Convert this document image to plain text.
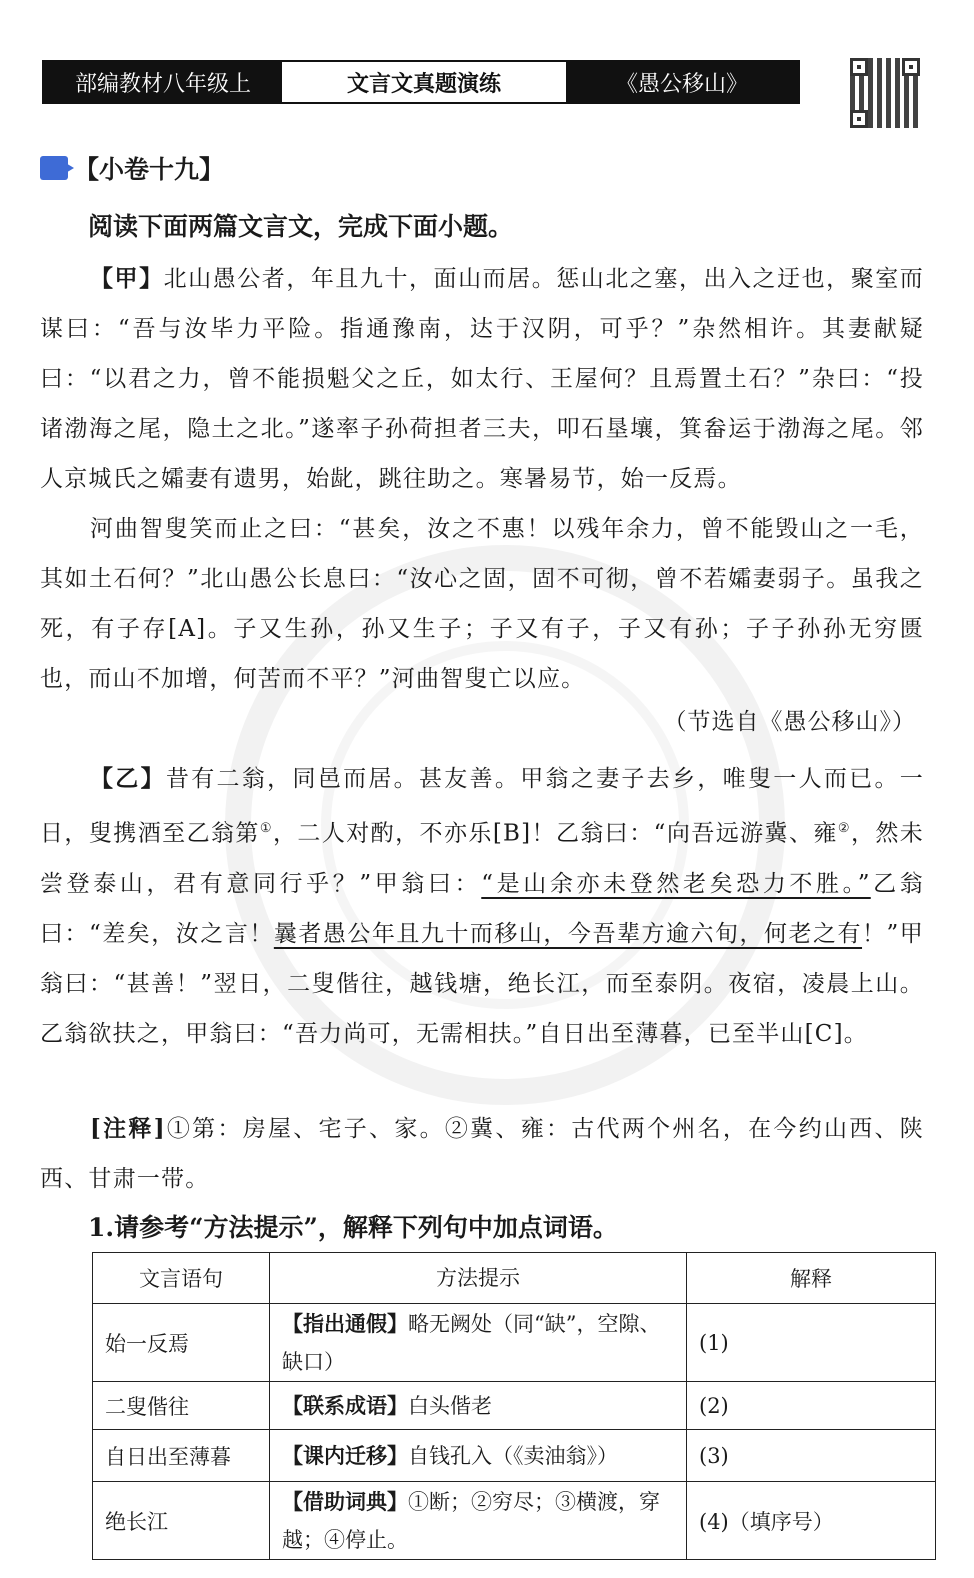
部编教材八年级上	文言文真题演练	《愚公移山》
【小卷十九】
阅读下面两篇文言文，完成下面小题。

【甲】北山愚公者，年且九十，面山而居。惩山北之塞，出入之迂也，聚室而谋曰：“吾与汝毕力平险。指通豫南，达于汉阴，可乎？”杂然相许。其妻献疑曰：“以君之力，曾不能损魁父之丘，如太行、王屋何？且焉置土石？”杂曰：“投诸渤海之尾，隐土之北。”遂率子孙荷担者三夫，叩石垦壤，箕畚运于渤海之尾。邻人京城氏之孀妻有遗男，始龀，跳往助之。寒暑易节，始一反焉。

河曲智叟笑而止之曰：“甚矣，汝之不惠！以残年余力，曾不能毁山之一毛，其如土石何？”北山愚公长息曰：“汝心之固，固不可彻，曾不若孀妻弱子。虽我之死，有子存[A]。子又生孙，孙又生子；子又有子，子又有孙；子子孙孙无穷匮也，而山不加增，何苦而不平？”河曲智叟亡以应。

（节选自《愚公移山》）

【乙】昔有二翁，同邑而居。甚友善。甲翁之妻子去乡，唯叟一人而已。一日，叟携酒至乙翁第①，二人对酌，不亦乐[B]！乙翁曰：“向吾远游冀、雍②，然未尝登泰山，君有意同行乎？”甲翁曰：“是山余亦未登然老矣恐力不胜。”乙翁曰：“差矣，汝之言！曩者愚公年且九十而移山，今吾辈方逾六旬，何老之有！”甲翁曰：“甚善！”翌日，二叟偕往，越钱塘，绝长江，而至泰阴。夜宿，凌晨上山。乙翁欲扶之，甲翁曰：“吾力尚可，无需相扶。”自日出至薄暮，已至半山[C]。

[注释]①第：房屋、宅子、家。②冀、雍：古代两个州名，在今约山西、陕西、甘肃一带。

1.请参考“方法提示”，解释下列句中加点词语。
文言语句	方法提示	解释
始一反焉	【指出通假】略无阙处（同“缺”，空隙、缺口）	(1)
二叟偕往	【联系成语】白头偕老	(2)
自日出至薄暮	【课内迁移】自钱孔入（《卖油翁》）	(3)
绝长江	【借助词典】①断；②穷尽；③横渡，穿越；④停止。	(4)（填序号）
